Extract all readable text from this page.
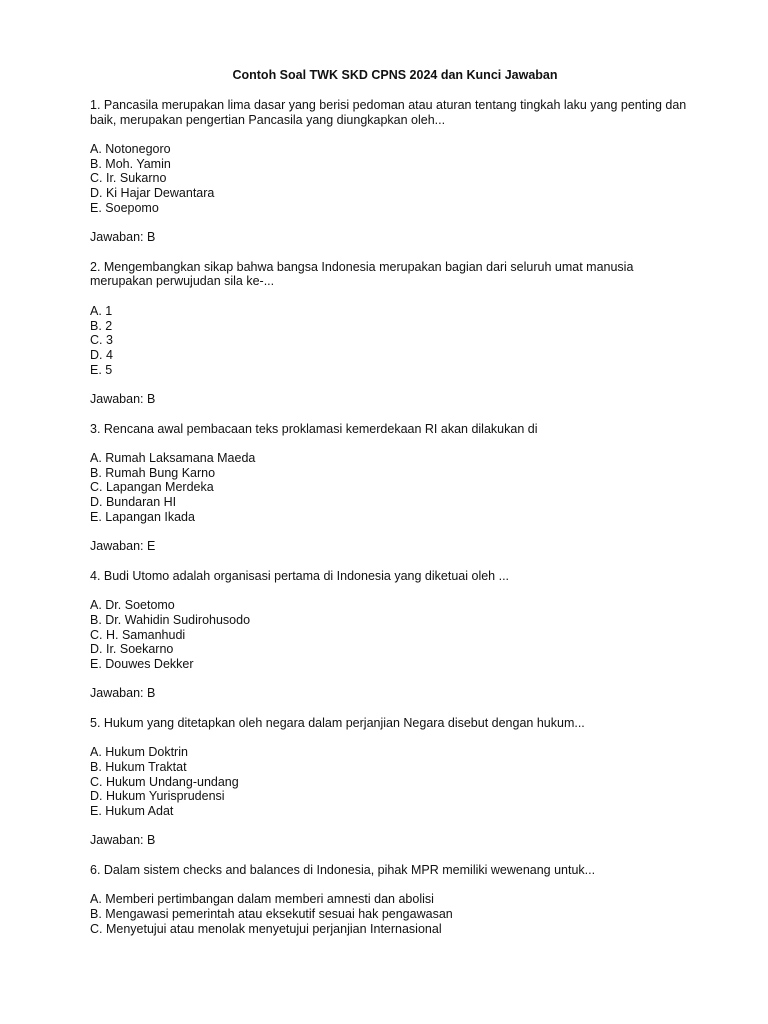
Contoh Soal TWK SKD CPNS 2024 dan Kunci Jawaban
1. Pancasila merupakan lima dasar yang berisi pedoman atau aturan tentang tingkah laku yang penting dan baik, merupakan pengertian Pancasila yang diungkapkan oleh...
A. Notonegoro
B. Moh. Yamin
C. Ir. Sukarno
D. Ki Hajar Dewantara
E. Soepomo
Jawaban: B
2. Mengembangkan sikap bahwa bangsa Indonesia merupakan bagian dari seluruh umat manusia merupakan perwujudan sila ke-...
A. 1
B. 2
C. 3
D. 4
E. 5
Jawaban: B
3. Rencana awal pembacaan teks proklamasi kemerdekaan RI akan dilakukan di
A. Rumah Laksamana Maeda
B. Rumah Bung Karno
C. Lapangan Merdeka
D. Bundaran HI
E. Lapangan Ikada
Jawaban: E
4. Budi Utomo adalah organisasi pertama di Indonesia yang diketuai oleh ...
A. Dr. Soetomo
B. Dr. Wahidin Sudirohusodo
C. H. Samanhudi
D. Ir. Soekarno
E. Douwes Dekker
Jawaban: B
5. Hukum yang ditetapkan oleh negara dalam perjanjian Negara disebut dengan hukum...
A. Hukum Doktrin
B. Hukum Traktat
C. Hukum Undang-undang
D. Hukum Yurisprudensi
E. Hukum Adat
Jawaban: B
6. Dalam sistem checks and balances di Indonesia, pihak MPR memiliki wewenang untuk...
A. Memberi pertimbangan dalam memberi amnesti dan abolisi
B. Mengawasi pemerintah atau eksekutif sesuai hak pengawasan
C. Menyetujui atau menolak menyetujui perjanjian Internasional
